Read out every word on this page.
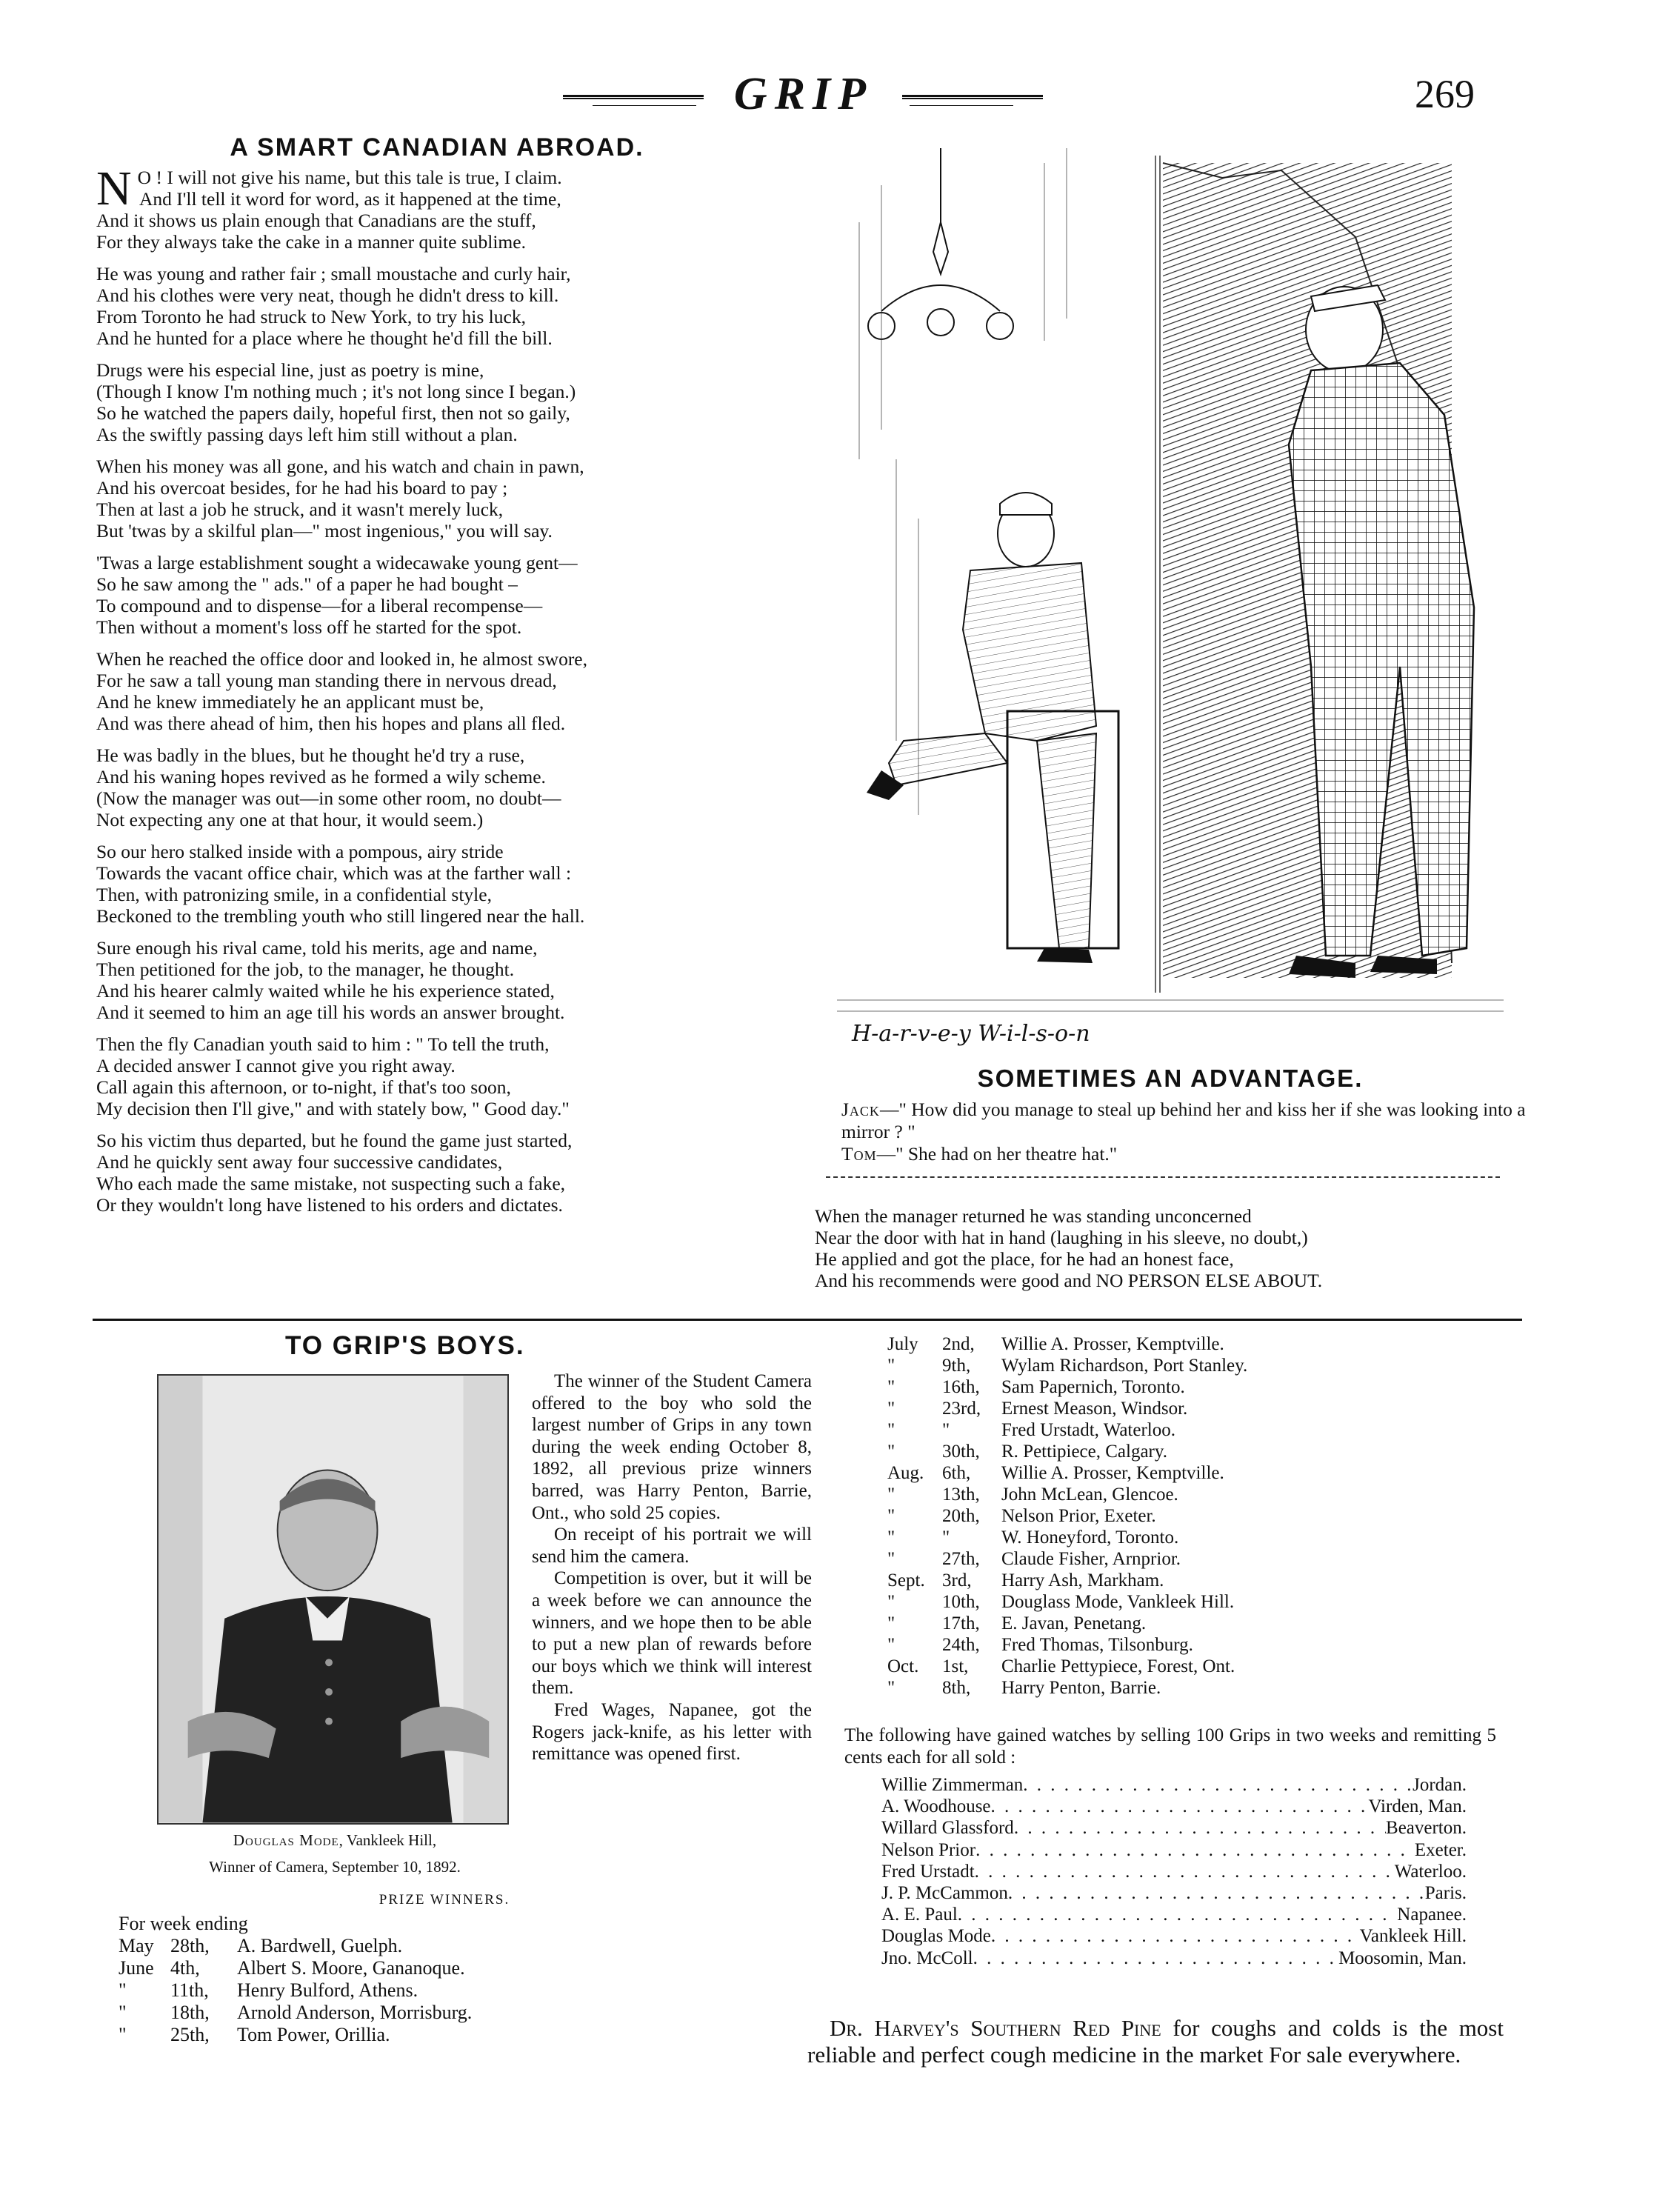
GRIP	269
A SMART CANADIAN ABROAD.
N O ! I will not give his name, but this tale is true, I claim.
And I'll tell it word for word, as it happened at the time,
And it shows us plain enough that Canadians are the stuff,
For they always take the cake in a manner quite sublime.
He was young and rather fair ; small moustache and curly hair,
And his clothes were very neat, though he didn't dress to kill.
From Toronto he had struck to New York, to try his luck,
And he hunted for a place where he thought he'd fill the bill.
Drugs were his especial line, just as poetry is mine,
(Though I know I'm nothing much ; it's not long since I began.)
So he watched the papers daily, hopeful first, then not so gaily,
As the swiftly passing days left him still without a plan.
When his money was all gone, and his watch and chain in pawn,
And his overcoat besides, for he had his board to pay ;
Then at last a job he struck, and it wasn't merely luck,
But 'twas by a skilful plan—" most ingenious," you will say.
'Twas a large establishment sought a widecawake young gent—
So he saw among the " ads." of a paper he had bought –
To compound and to dispense—for a liberal recompense—
Then without a moment's loss off he started for the spot.
When he reached the office door and looked in, he almost swore,
For he saw a tall young man standing there in nervous dread,
And he knew immediately he an applicant must be,
And was there ahead of him, then his hopes and plans all fled.
He was badly in the blues, but he thought he'd try a ruse,
And his waning hopes revived as he formed a wily scheme.
(Now the manager was out—in some other room, no doubt—
Not expecting any one at that hour, it would seem.)
So our hero stalked inside with a pompous, airy stride
Towards the vacant office chair, which was at the farther wall :
Then, with patronizing smile, in a confidential style,
Beckoned to the trembling youth who still lingered near the hall.
Sure enough his rival came, told his merits, age and name,
Then petitioned for the job, to the manager, he thought.
And his hearer calmly waited while he his experience stated,
And it seemed to him an age till his words an answer brought.
Then the fly Canadian youth said to him : " To tell the truth,
A decided answer I cannot give you right away.
Call again this afternoon, or to-night, if that's too soon,
My decision then I'll give," and with stately bow, " Good day."
So his victim thus departed, but he found the game just started,
And he quickly sent away four successive candidates,
Who each made the same mistake, not suspecting such a fake,
Or they wouldn't long have listened to his orders and dictates.
H-a-r-v-e-y W-i-l-s-o-n
SOMETIMES AN ADVANTAGE.
Jack—" How did you manage to steal up behind her and kiss her if she was looking into a mirror ? "
Tom—" She had on her theatre hat."
When the manager returned he was standing unconcerned
Near the door with hat in hand (laughing in his sleeve, no doubt,)
He applied and got the place, for he had an honest face,
And his recommends were good and NO PERSON ELSE ABOUT.
TO GRIP'S BOYS.
Douglas Mode, Vankleek Hill,
Winner of Camera, September 10, 1892.

The winner of the Student Camera offered to the boy who sold the largest number of Grips in any town during the week ending October 8, 1892, all previous prize winners barred, was Harry Penton, Barrie, Ont., who sold 25 copies.

On receipt of his portrait we will send him the camera.

Competition is over, but it will be a week before we can announce the winners, and we hope then to be able to put a new plan of rewards before our boys which we think will interest them.

Fred Wages, Napanee, got the Rogers jack-knife, as his letter with remittance was opened first.

PRIZE WINNERS.
For week ending
May 28th, A. Bardwell, Guelph.
June 4th, Albert S. Moore, Gananoque.
" 11th, Henry Bulford, Athens.
" 18th, Arnold Anderson, Morrisburg.
" 25th, Tom Power, Orillia.
July 2nd, Willie A. Prosser, Kemptville.
"	9th, Wylam Richardson, Port Stanley.
"	16th, Sam Papernich, Toronto.
"	23rd, Ernest Meason, Windsor.
"	"	Fred Urstadt, Waterloo.
"	30th, R. Pettipiece, Calgary.
Aug. 6th, Willie A. Prosser, Kemptville.
"	13th, John McLean, Glencoe.
"	20th, Nelson Prior, Exeter.
"	"	W. Honeyford, Toronto.
"	27th, Claude Fisher, Arnprior.
Sept. 3rd, Harry Ash, Markham.
"	10th, Douglass Mode, Vankleek Hill.
"	17th, E. Javan, Penetang.
"	24th, Fred Thomas, Tilsonburg.
Oct. 1st, Charlie Pettypiece, Forest, Ont.
"	8th, Harry Penton, Barrie.
The following have gained watches by selling 100 Grips in two weeks and remitting 5 cents each for all sold :
Willie Zimmerman . . .	Jordan.
A. Woodhouse . . .	Virden, Man.
Willard Glassford . . .	Beaverton.
Nelson Prior . . .	Exeter.
Fred Urstadt . . .	Waterloo.
J. P. McCammon . . .	Paris.
A. E. Paul . . .	Napanee.
Douglas Mode . . .	Vankleek Hill.
Jno. McColl . . .	Moosomin, Man.
Dr. Harvey's Southern Red Pine for coughs and colds is the most reliable and perfect cough medicine in the market For sale everywhere.
